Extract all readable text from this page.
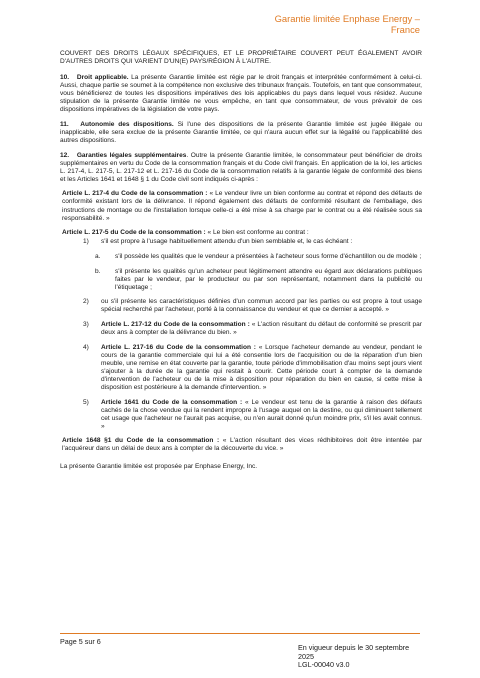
Garantie limitée Enphase Energy –
France

COUVERT DES DROITS LÉGAUX SPÉCIFIQUES, ET LE PROPRIÉTAIRE COUVERT PEUT ÉGALEMENT AVOIR D'AUTRES DROITS QUI VARIENT D'UN(E) PAYS/RÉGION À L'AUTRE.

10. Droit applicable. La présente Garantie limitée est régie par le droit français et interprétée conformément à celui-ci. Aussi, chaque partie se soumet à la compétence non exclusive des tribunaux français. Toutefois, en tant que consommateur, vous bénéficierez de toutes les dispositions impératives des lois applicables du pays dans lequel vous résidez. Aucune stipulation de la présente Garantie limitée ne vous empêche, en tant que consommateur, de vous prévaloir de ces dispositions impératives de la législation de votre pays.

11. Autonomie des dispositions. Si l'une des dispositions de la présente Garantie limitée est jugée illégale ou inapplicable, elle sera exclue de la présente Garantie limitée, ce qui n'aura aucun effet sur la légalité ou l'applicabilité des autres dispositions.

12. Garanties légales supplémentaires. Outre la présente Garantie limitée, le consommateur peut bénéficier de droits supplémentaires en vertu du Code de la consommation français et du Code civil français. En application de la loi, les articles L. 217-4, L. 217-5, L. 217-12 et L. 217-16 du Code de la consommation relatifs à la garantie légale de conformité des biens et les Articles 1641 et 1648 § 1 du Code civil sont indiqués ci-après :

Article L. 217-4 du Code de la consommation : « Le vendeur livre un bien conforme au contrat et répond des défauts de conformité existant lors de la délivrance. Il répond également des défauts de conformité résultant de l'emballage, des instructions de montage ou de l'installation lorsque celle-ci a été mise à sa charge par le contrat ou a été réalisée sous sa responsabilité. »

Article L. 217-5 du Code de la consommation : « Le bien est conforme au contrat :

1) s'il est propre à l'usage habituellement attendu d'un bien semblable et, le cas échéant :
a. s'il possède les qualités que le vendeur a présentées à l'acheteur sous forme d'échantillon ou de modèle ;
b. s'il présente les qualités qu'un acheteur peut légitimement attendre eu égard aux déclarations publiques faites par le vendeur, par le producteur ou par son représentant, notamment dans la publicité ou l'étiquetage ;
2) ou s'il présente les caractéristiques définies d'un commun accord par les parties ou est propre à tout usage spécial recherché par l'acheteur, porté à la connaissance du vendeur et que ce dernier a accepté. »
3) Article L. 217-12 du Code de la consommation : « L'action résultant du défaut de conformité se prescrit par deux ans à compter de la délivrance du bien. »
4) Article L. 217-16 du Code de la consommation : « Lorsque l'acheteur demande au vendeur, pendant le cours de la garantie commerciale qui lui a été consentie lors de l'acquisition ou de la réparation d'un bien meuble, une remise en état couverte par la garantie, toute période d'immobilisation d'au moins sept jours vient s'ajouter à la durée de la garantie qui restait à courir. Cette période court à compter de la demande d'intervention de l'acheteur ou de la mise à disposition pour réparation du bien en cause, si cette mise à disposition est postérieure à la demande d'intervention. »
5) Article 1641 du Code de la consommation : « Le vendeur est tenu de la garantie à raison des défauts cachés de la chose vendue qui la rendent impropre à l'usage auquel on la destine, ou qui diminuent tellement cet usage que l'acheteur ne l'aurait pas acquise, ou n'en aurait donné qu'un moindre prix, s'il les avait connus. »

Article 1648 §1 du Code de la consommation : « L'action résultant des vices rédhibitoires doit être intentée par l'acquéreur dans un délai de deux ans à compter de la découverte du vice. »

La présente Garantie limitée est proposée par Enphase Energy, Inc.

Page 5 sur 6
En vigueur depuis le 30 septembre 2025
LGL-00040 v3.0
